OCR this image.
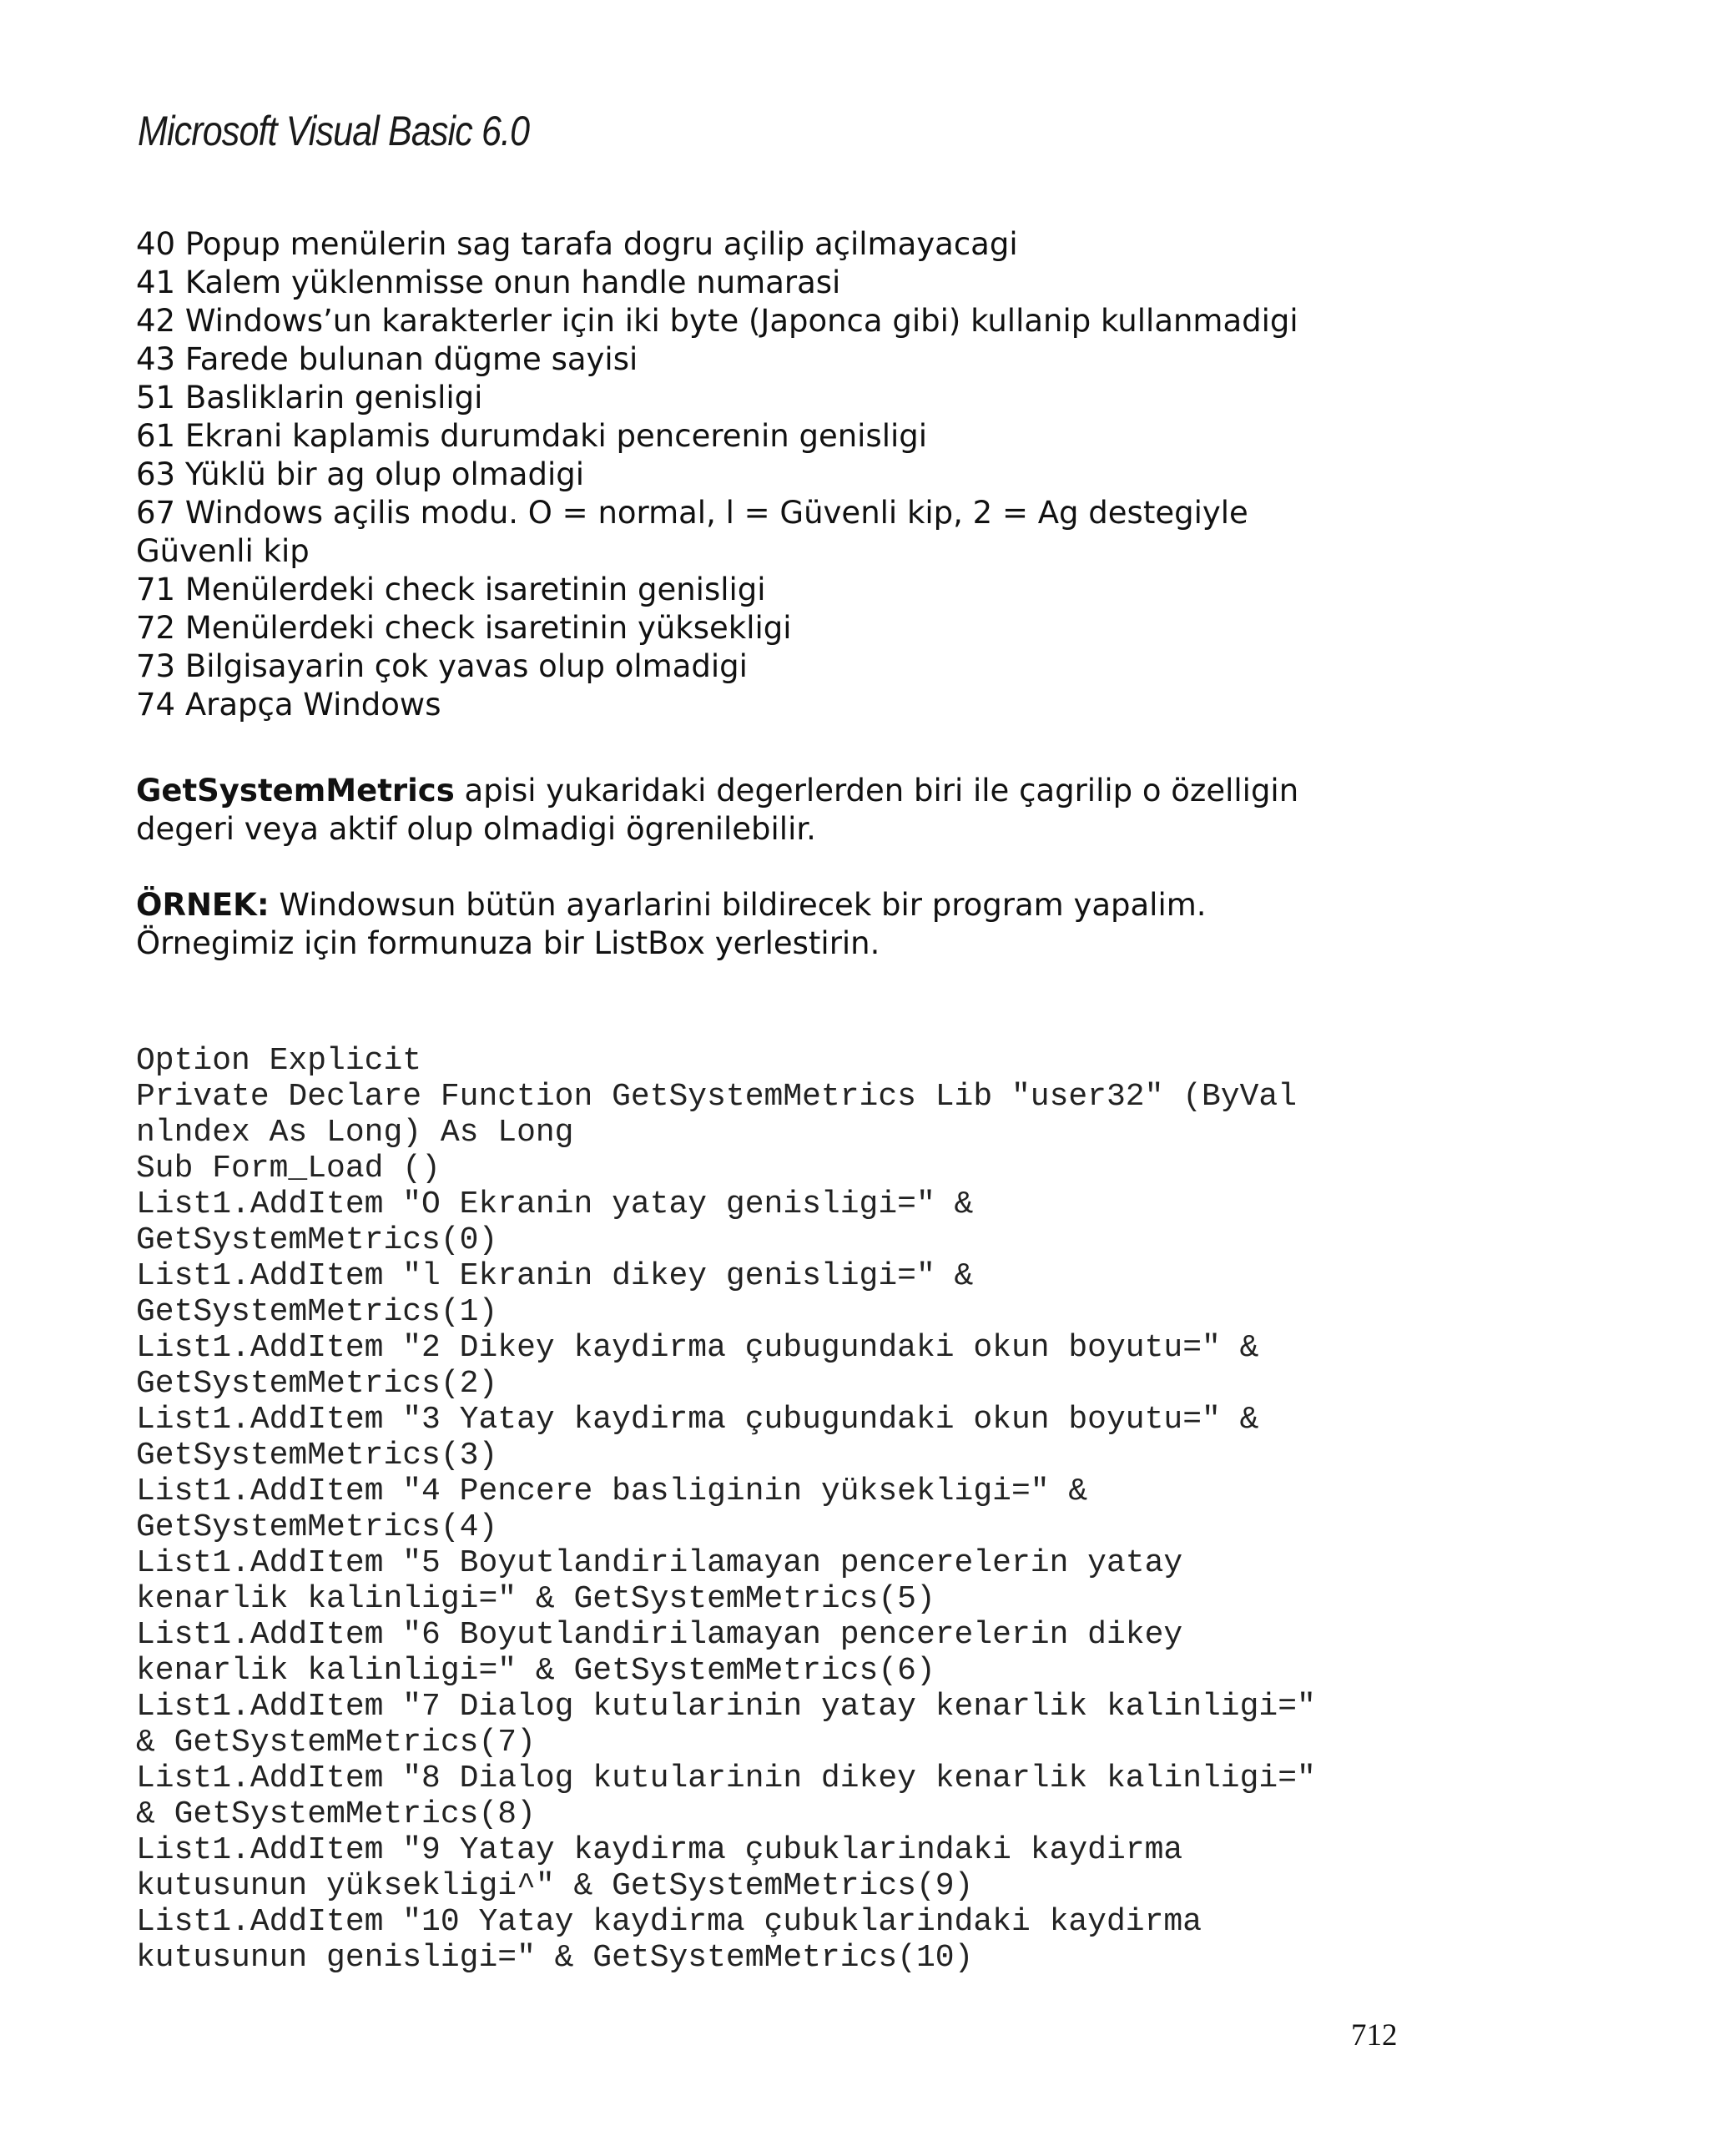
Microsoft Visual Basic 6.0
40 Popup menülerin sag tarafa dogru açilip açilmayacagi
41 Kalem yüklenmisse onun handle numarasi
42 Windows’un karakterler için iki byte (Japonca gibi) kullanip kullanmadigi
43 Farede bulunan dügme sayisi
51 Basliklarin genisligi
61 Ekrani kaplamis durumdaki pencerenin genisligi
63 Yüklü bir ag olup olmadigi
67 Windows açilis modu. O = normal, l = Güvenli kip, 2 = Ag destegiyle
Güvenli kip
71 Menülerdeki check isaretinin genisligi
72 Menülerdeki check isaretinin yüksekligi
73 Bilgisayarin çok yavas olup olmadigi
74 Arapça Windows
GetSystemMetrics apisi yukaridaki degerlerden biri ile çagrilip o özelligin
degeri veya aktif olup olmadigi ögrenilebilir.
ÖRNEK: Windowsun bütün ayarlarini bildirecek bir program yapalim.
Örnegimiz için formunuza bir ListBox yerlestirin.
Option Explicit
Private Declare Function GetSystemMetrics Lib "user32" (ByVal
nlndex As Long) As Long
Sub Form_Load ()
List1.AddItem "O Ekranin yatay genisligi=" &
GetSystemMetrics(0)
List1.AddItem "l Ekranin dikey genisligi=" &
GetSystemMetrics(1)
List1.AddItem "2 Dikey kaydirma çubugundaki okun boyutu=" &
GetSystemMetrics(2)
List1.AddItem "3 Yatay kaydirma çubugundaki okun boyutu=" &
GetSystemMetrics(3)
List1.AddItem "4 Pencere basliginin yüksekligi=" &
GetSystemMetrics(4)
List1.AddItem "5 Boyutlandirilamayan pencerelerin yatay
kenarlik kalinligi=" & GetSystemMetrics(5)
List1.AddItem "6 Boyutlandirilamayan pencerelerin dikey
kenarlik kalinligi=" & GetSystemMetrics(6)
List1.AddItem "7 Dialog kutularinin yatay kenarlik kalinligi="
& GetSystemMetrics(7)
List1.AddItem "8 Dialog kutularinin dikey kenarlik kalinligi="
& GetSystemMetrics(8)
List1.AddItem "9 Yatay kaydirma çubuklarindaki kaydirma
kutusunun yüksekligi^" & GetSystemMetrics(9)
List1.AddItem "10 Yatay kaydirma çubuklarindaki kaydirma
kutusunun genisligi=" & GetSystemMetrics(10)
712
